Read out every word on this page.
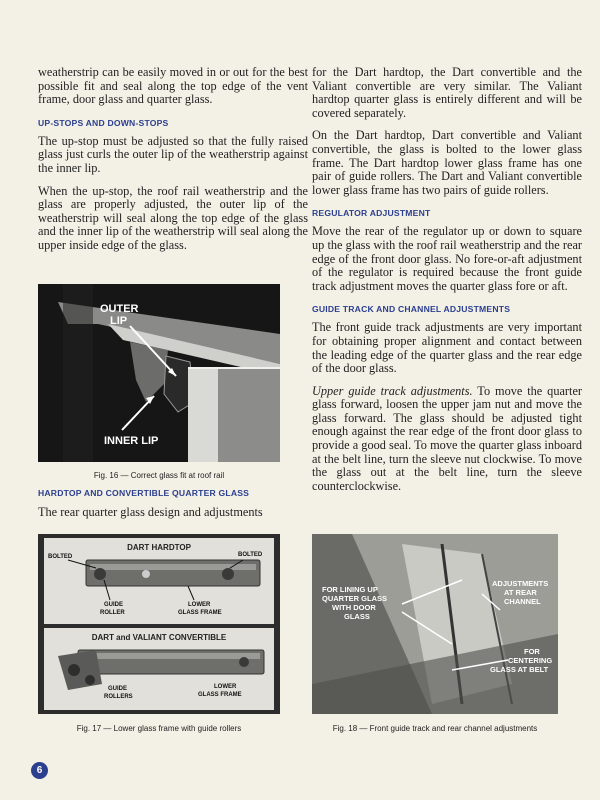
weatherstrip can be easily moved in or out for the best possible fit and seal along the top edge of the vent frame, door glass and quarter glass.

UP-STOPS AND DOWN-STOPS

The up-stop must be adjusted so that the fully raised glass just curls the outer lip of the weatherstrip against the inner lip.

When the up-stop, the roof rail weatherstrip and the glass are properly adjusted, the outer lip of the weatherstrip will seal along the top edge of the glass and the inner lip of the weatherstrip will seal along the upper inside edge of the glass.

OUTER
LIP
INNER LIP
Fig. 16 — Correct glass fit at roof rail
HARDTOP AND CONVERTIBLE QUARTER GLASS

The rear quarter glass design and adjustments

for the Dart hardtop, the Dart convertible and the Valiant convertible are very similar. The Valiant hardtop quarter glass is entirely different and will be covered separately.

On the Dart hardtop, Dart convertible and Valiant convertible, the glass is bolted to the lower glass frame. The Dart hardtop lower glass frame has one pair of guide rollers. The Dart and Valiant convertible lower glass frame has two pairs of guide rollers.

REGULATOR ADJUSTMENT

Move the rear of the regulator up or down to square up the glass with the roof rail weatherstrip and the rear edge of the front door glass. No fore-or-aft adjustment of the regulator is required because the front guide track adjustment moves the quarter glass fore or aft.

GUIDE TRACK AND CHANNEL ADJUSTMENTS

The front guide track adjustments are very important for obtaining proper alignment and contact between the leading edge of the quarter glass and the rear edge of the door glass.

Upper guide track adjustments. To move the quarter glass forward, loosen the upper jam nut and move the glass forward. The glass should be adjusted tight enough against the rear edge of the front door glass to provide a good seal. To move the quarter glass inboard at the belt line, turn the sleeve nut clockwise. To move the glass out at the belt line, turn the sleeve counterclockwise.

DART HARDTOP
BOLTED	BOLTED
GUIDE
ROLLER
LOWER
GLASS FRAME
DART and VALIANT CONVERTIBLE
GUIDE
ROLLERS
LOWER
GLASS FRAME
Fig. 17 — Lower glass frame with guide rollers
FOR LINING UP
QUARTER GLASS
WITH DOOR
GLASS
ADJUSTMENTS
AT REAR
CHANNEL
FOR
CENTERING
GLASS AT BELT
Fig. 18 — Front guide track and rear channel adjustments
6
